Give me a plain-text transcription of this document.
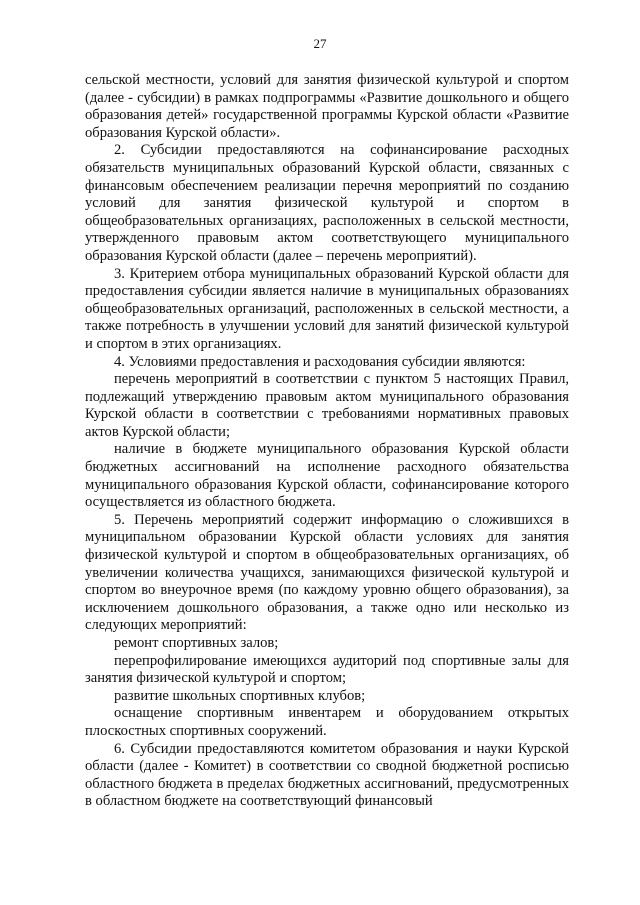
27

сельской местности, условий для занятия физической культурой и спортом (далее - субсидии) в рамках подпрограммы «Развитие дошкольного и общего образования детей» государственной программы Курской области «Развитие образования Курской области».

2. Субсидии предоставляются на софинансирование расходных обязательств муниципальных образований Курской области, связанных с финансовым обеспечением реализации перечня мероприятий по созданию условий для занятия физической культурой и спортом в общеобразовательных организациях, расположенных в сельской местности, утвержденного правовым актом соответствующего муниципального образования Курской области (далее – перечень мероприятий).

3. Критерием отбора муниципальных образований Курской области для предоставления субсидии является наличие в муниципальных образованиях общеобразовательных организаций, расположенных в сельской местности, а также потребность в улучшении условий для занятий физической культурой и спортом в этих организациях.

4. Условиями предоставления и расходования субсидии являются:

перечень мероприятий в соответствии с пунктом 5 настоящих Правил, подлежащий утверждению правовым актом муниципального образования Курской области в соответствии с требованиями нормативных правовых актов Курской области;

наличие в бюджете муниципального образования Курской области бюджетных ассигнований на исполнение расходного обязательства муниципального образования Курской области, софинансирование которого осуществляется из областного бюджета.

5. Перечень мероприятий содержит информацию о сложившихся в муниципальном образовании Курской области условиях для занятия физической культурой и спортом в общеобразовательных организациях, об увеличении количества учащихся, занимающихся физической культурой и спортом во внеурочное время (по каждому уровню общего образования), за исключением дошкольного образования, а также одно или несколько из следующих мероприятий:

ремонт спортивных залов;

перепрофилирование имеющихся аудиторий под спортивные залы для занятия физической культурой и спортом;

развитие школьных спортивных клубов;

оснащение спортивным инвентарем и оборудованием открытых плоскостных спортивных сооружений.

6. Субсидии предоставляются комитетом образования и науки Курской области (далее - Комитет) в соответствии со сводной бюджетной росписью областного бюджета в пределах бюджетных ассигнований, предусмотренных в областном бюджете на соответствующий финансовый
